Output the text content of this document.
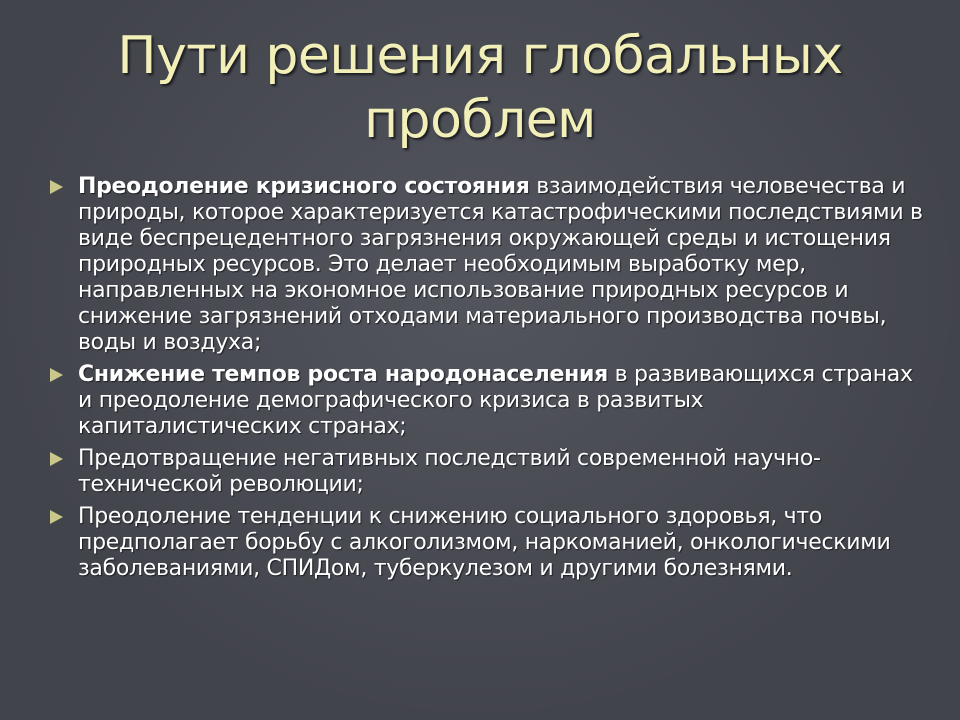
Пути решения глобальных
проблем
Преодоление кризисного состояния взаимодействия человечества и природы, которое характеризуется катастрофическими последствиями в виде беспрецедентного загрязнения окружающей среды и истощения природных ресурсов. Это делает необходимым выработку мер, направленных на экономное использование природных ресурсов и снижение загрязнений отходами материального производства почвы, воды и воздуха;
Снижение темпов роста народонаселения в развивающихся странах и преодоление демографического кризиса в развитых капиталистических странах;
Предотвращение негативных последствий современной научно-технической революции;
Преодоление тенденции к снижению социального здоровья, что предполагает борьбу с алкоголизмом, наркоманией, онкологическими заболеваниями, СПИДом, туберкулезом и другими болезнями.
